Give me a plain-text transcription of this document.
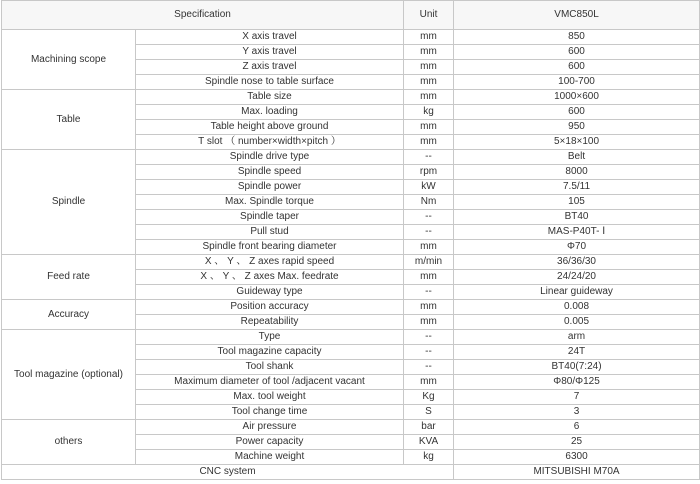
Specification		Unit	VMC850L
Machining scope	X axis travel	mm	850
	Y axis travel	mm	600
	Z axis travel	mm	600
	Spindle nose to table surface	mm	100-700
Table	Table size	mm	1000×600
	Max. loading	kg	600
	Table height above ground	mm	950
	T slot （ number×width×pitch ）	mm	5×18×100
Spindle	Spindle drive type	--	Belt
	Spindle speed	rpm	8000
	Spindle power	kW	7.5/11
	Max. Spindle torque	Nm	105
	Spindle taper	--	BT40
	Pull stud	--	MAS-P40T- Ⅰ
	Spindle front bearing diameter	mm	Φ70
Feed rate	X 、 Y 、 Z axes rapid speed	m/min	36/36/30
	X 、 Y 、 Z axes Max. feedrate	mm	24/24/20
	Guideway type	--	Linear guideway
Accuracy	Position accuracy	mm	0.008
	Repeatability	mm	0.005
Tool magazine (optional)	Type	--	arm
	Tool magazine capacity	--	24T
	Tool shank	--	BT40(7:24)
	Maximum diameter of tool /adjacent vacant	mm	Φ80/Φ125
	Max. tool weight	Kg	7
	Tool change time	S	3
others	Air pressure	bar	6
	Power capacity	KVA	25
	Machine weight	kg	6300
CNC system			MITSUBISHI M70A
